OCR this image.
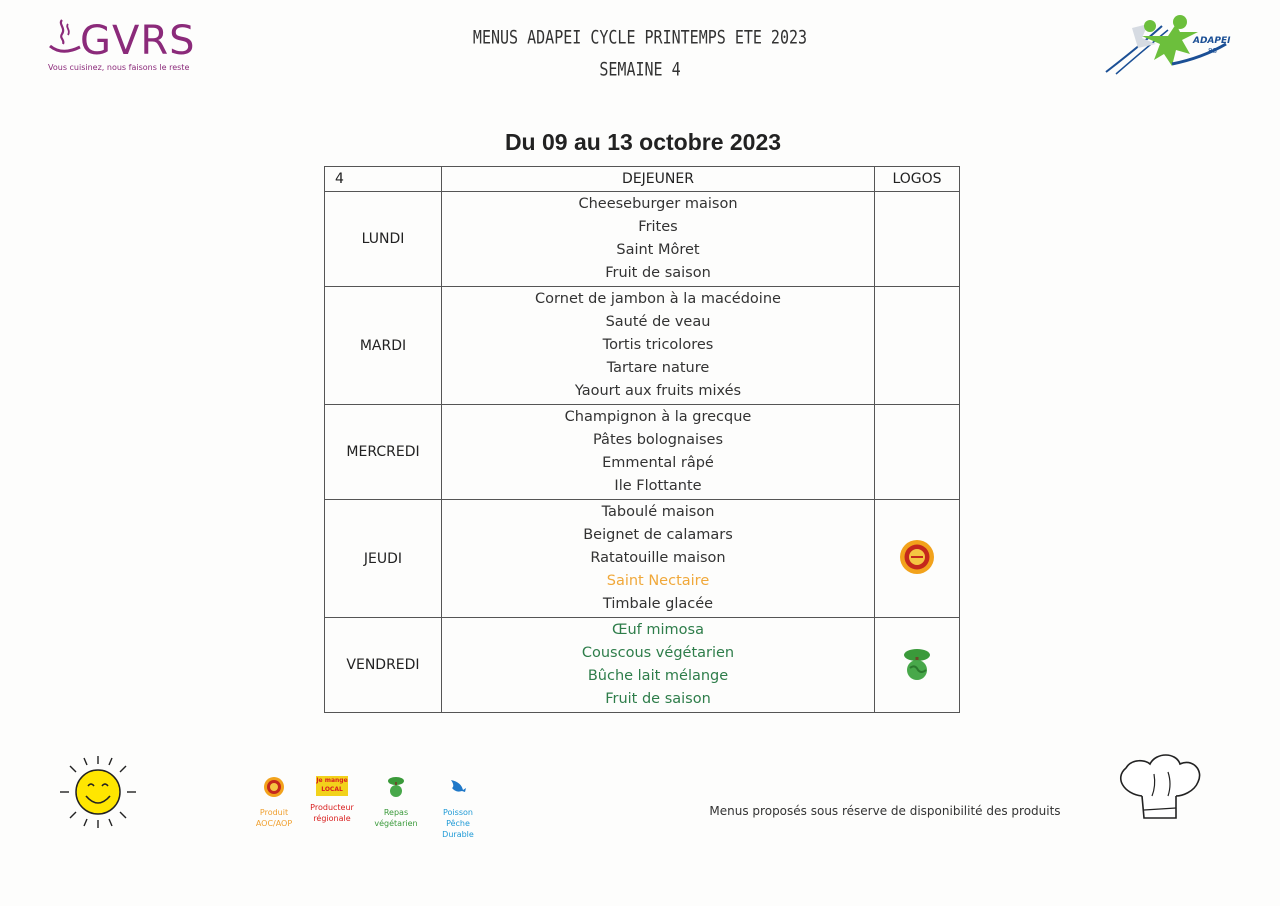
GVRS
Vous cuisinez, nous faisons le reste
MENUS ADAPEI CYCLE PRINTEMPS ETE 2023
SEMAINE 4
ADAPEI
88
Du 09 au 13 octobre 2023
4	DEJEUNER	LOGOS
LUNDI	Cheeseburger maison
Frites
Saint Môret
Fruit de saison	

MARDI	Cornet de jambon à la macédoine
Sauté de veau
Tortis tricolores
Tartare nature
Yaourt aux fruits mixés	

MERCREDI	Champignon à la grecque
Pâtes bolognaises
Emmental râpé
Ile Flottante	

JEUDI	Taboulé maison
Beignet de calamars
Ratatouille maison
Saint Nectaire
Timbale glacée

VENDREDI	Œuf mimosa
Couscous végétarien
Bûche lait mélange
Fruit de saison

Produit
AOC/AOP
Je mange LOCAL
Producteur
régionale
Repas
végétarien
Poisson
Pêche
Durable
Menus proposés sous réserve de disponibilité des produits
